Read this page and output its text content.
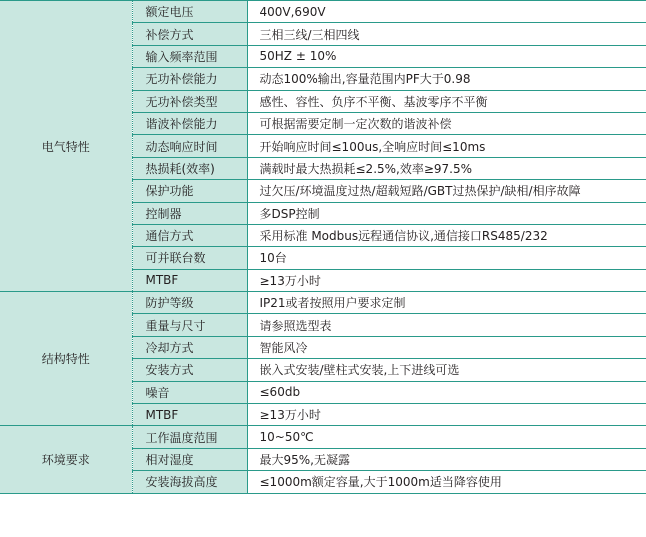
电气特性	额定电压	400V,690V
	补偿方式	三相三线/三相四线
	输入频率范围	50HZ ± 10%
	无功补偿能力	动态100%输出,容量范围内PF大于0.98
	无功补偿类型	感性、容性、负序不平衡、基波零序不平衡
	谐波补偿能力	可根据需要定制一定次数的谐波补偿
	动态响应时间	开始响应时间≤100us,全响应时间≤10ms
	热损耗(效率)	满载时最大热损耗≤2.5%,效率≥97.5%
	保护功能	过欠压/环境温度过热/超载短路/GBT过热保护/缺相/相序故障
	控制器	多DSP控制
	通信方式	采用标准 Modbus远程通信协议,通信接口RS485/232
	可并联台数	10台
	MTBF	≥13万小时
结构特性	防护等级	IP21或者按照用户要求定制
	重量与尺寸	请参照选型表
	冷却方式	智能风冷
	安装方式	嵌入式安装/壁柱式安装,上下进线可选
	噪音	≤60db
	MTBF	≥13万小时
环境要求	工作温度范围	10~50℃
	相对湿度	最大95%,无凝露
	安装海拔高度	≤1000m额定容量,大于1000m适当降容使用
